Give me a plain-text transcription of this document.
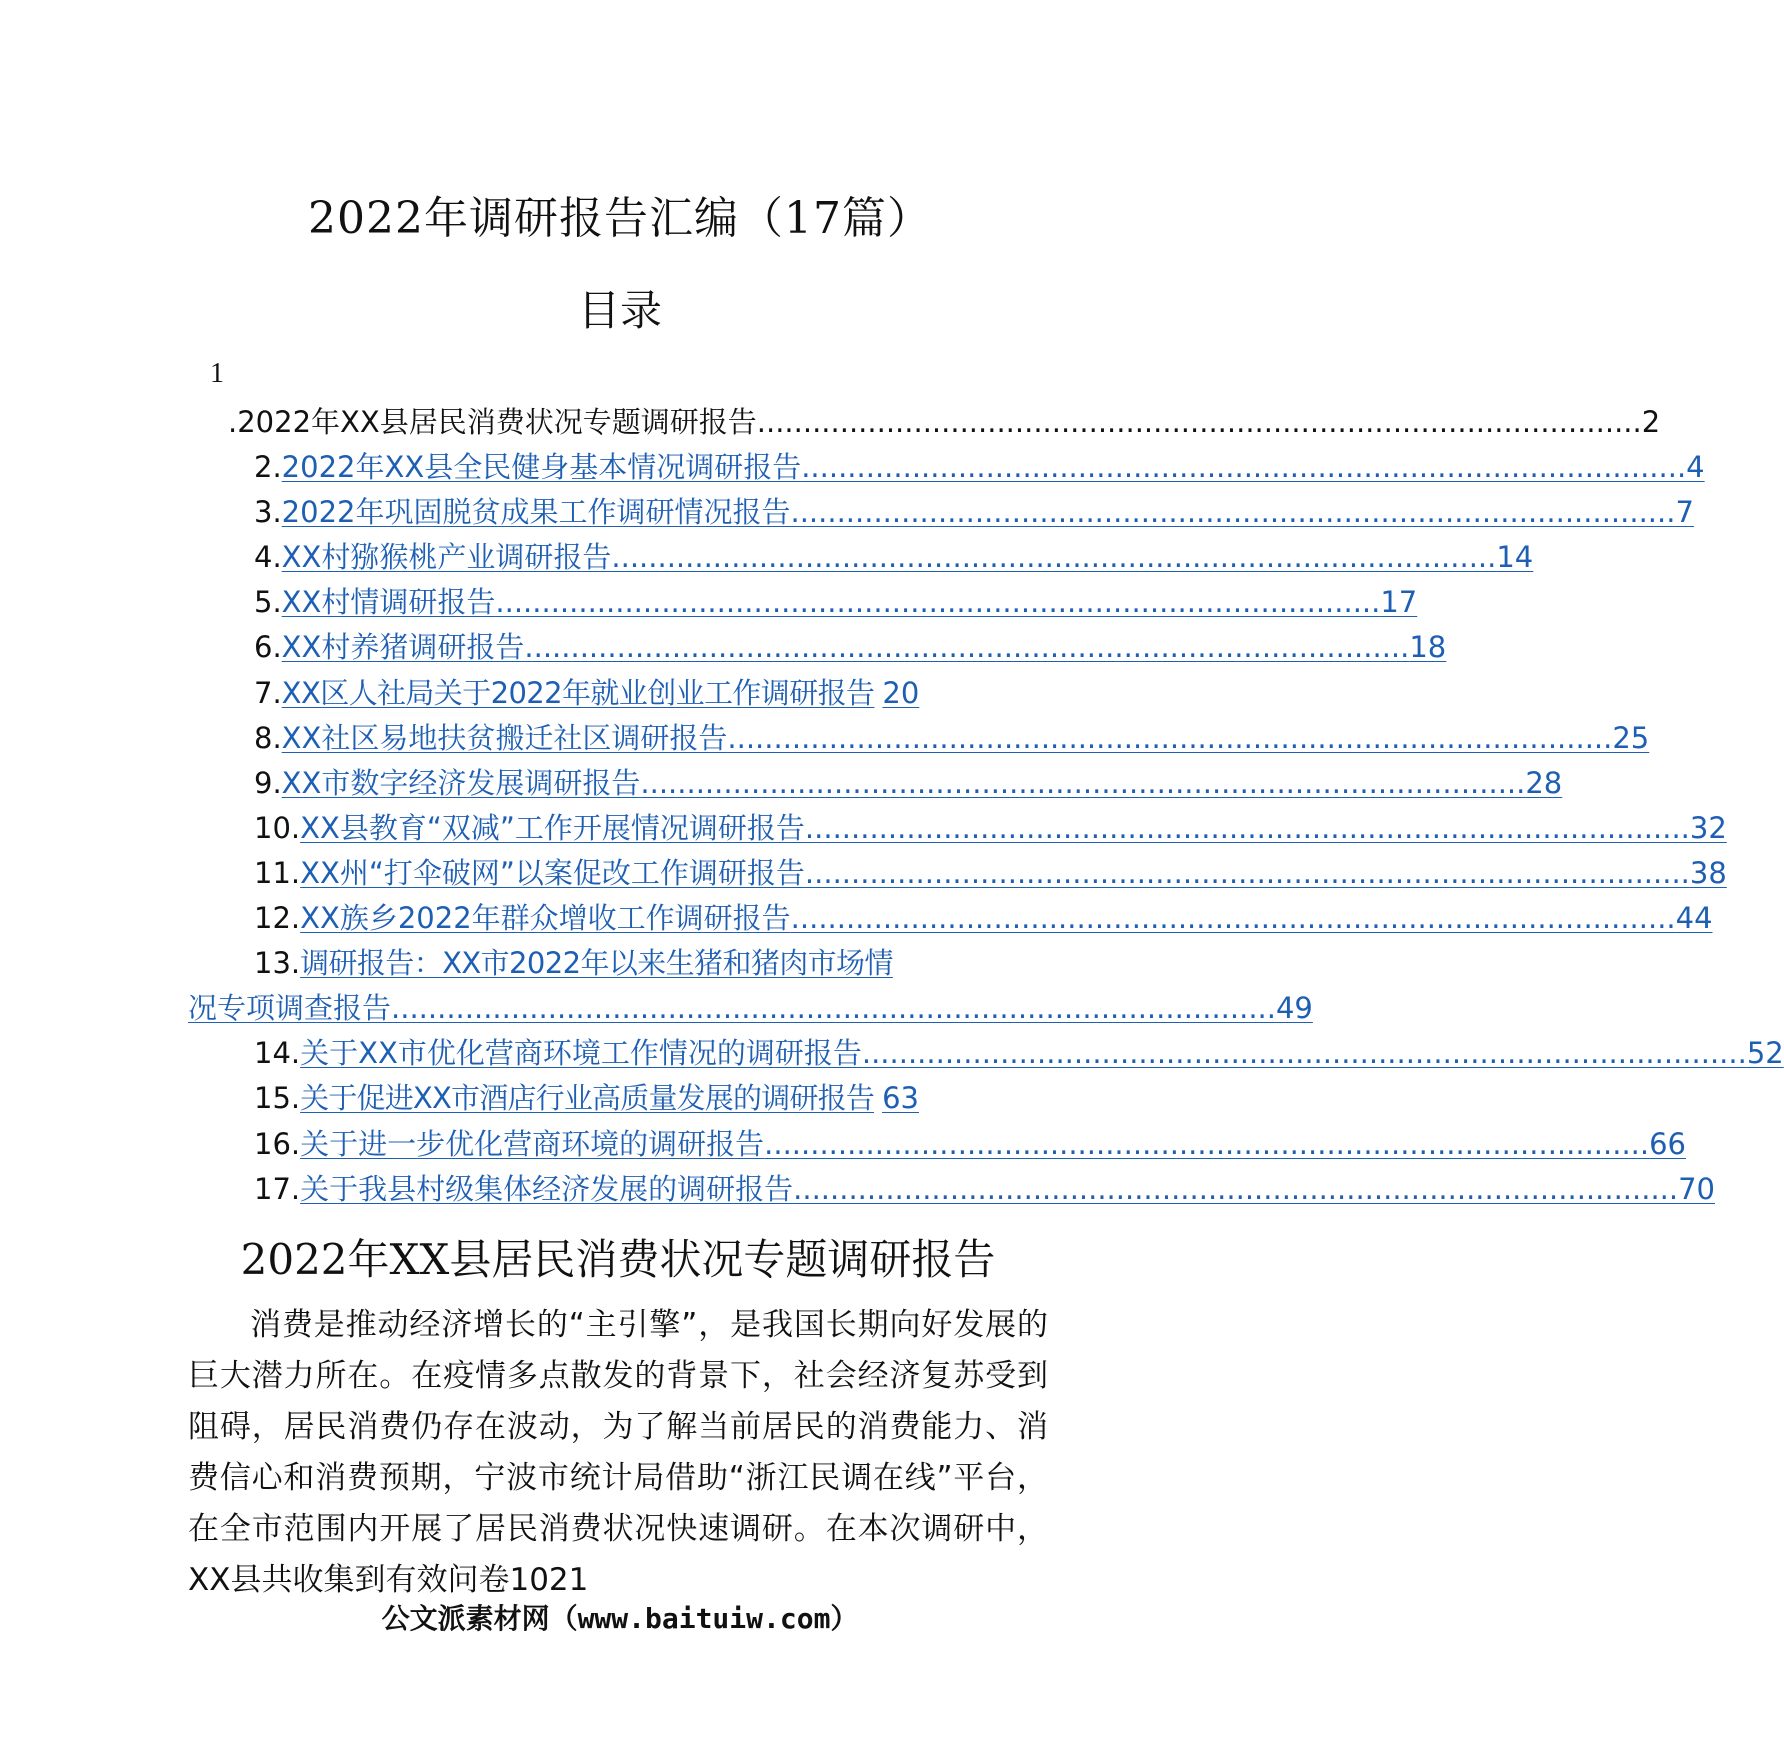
2022年调研报告汇编（17篇）
目录
1
.2022年XX县居民消费状况专题调研报告 ................................................................................................ 2
2. 2022年XX县全民健身基本情况调研报告 ................................................................................................ 4
3. 2022年巩固脱贫成果工作调研情况报告 ................................................................................................ 7
4. XX村猕猴桃产业调研报告 ................................................................................................ 14
5. XX村情调研报告 ................................................................................................ 17
6. XX村养猪调研报告 ................................................................................................ 18
7. XX区人社局关于2022年就业创业工作调研报告 20
8. XX社区易地扶贫搬迁社区调研报告 ................................................................................................ 25
9. XX市数字经济发展调研报告 ................................................................................................ 28
10. XX县教育“双减”工作开展情况调研报告 ................................................................................................ 32
11. XX州“打伞破网”以案促改工作调研报告 ................................................................................................ 38
12. XX族乡2022年群众增收工作调研报告 ................................................................................................ 44
13. 调研报告：XX市2022年以来生猪和猪肉市场情
况专项调查报告 ................................................................................................ 49
14. 关于XX市优化营商环境工作情况的调研报告 ................................................................................................ 52
15. 关于促进XX市酒店行业高质量发展的调研报告 63
16. 关于进一步优化营商环境的调研报告 ................................................................................................ 66
17. 关于我县村级集体经济发展的调研报告 ................................................................................................ 70
2022年XX县居民消费状况专题调研报告
消费是推动经济增长的“主引擎”，是我国长期向好发展的巨大潜力所在。在疫情多点散发的背景下，社会经济复苏受到阻碍，居民消费仍存在波动，为了解当前居民的消费能力、消费信心和消费预期，宁波市统计局借助“浙江民调在线”平台，在全市范围内开展了居民消费状况快速调研。在本次调研中，XX县共收集到有效问卷1021
公文派素材网（www.baituiw.com）
